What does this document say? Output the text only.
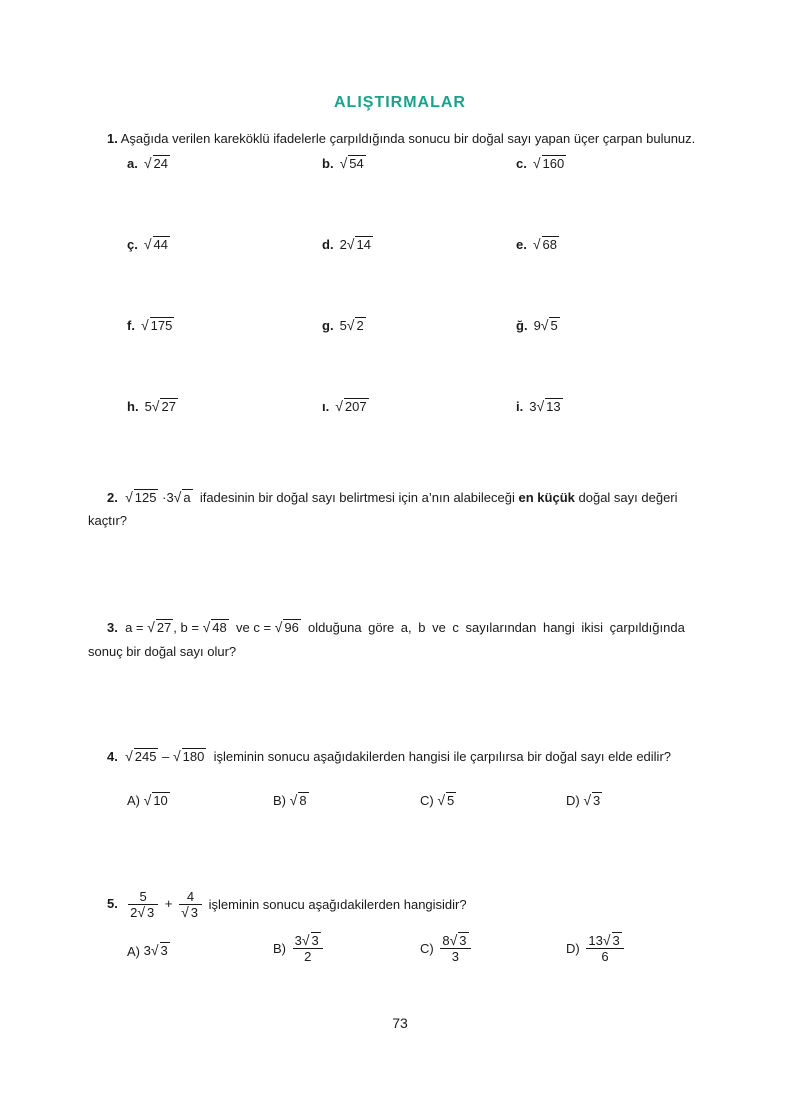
ALIŞTIRMALAR
1. Aşağıda verilen kareköklü ifadelerle çarpıldığında sonucu bir doğal sayı yapan üçer çarpan bulunuz.
a. √ 24	b. √ 54	c. √ 160
ç. √ 44	d. 2√ 14	e. √ 68
f. √ 175	g. 5√ 2	ğ. 9√ 5
h. 5√ 27	ı. √ 207	i. 3√ 13
2. √ 125 ·3√ a ifadesinin bir doğal sayı belirtmesi için a’nın alabileceği en küçük doğal sayı değeri
kaçtır?
3. a = √ 27 , b = √ 48 ve c = √ 96 olduğuna göre a, b ve c sayılarından hangi ikisi çarpıldığında
sonuç bir doğal sayı olur?
4. √ 245 – √ 180 işleminin sonucu aşağıdakilerden hangisi ile çarpılırsa bir doğal sayı elde edilir?
A) √ 10	B) √ 8	C) √ 5	D) √ 3
5. $\frac{5}{2√ 3} + \frac{4}{√ 3}$ işleminin sonucu aşağıdakilerden hangisidir?
A) 3√ 3	$B) \frac{3√ 3}{2}$	$C) \frac{8√ 3}{3}$	$D) \frac{13√ 3}{6}$
73
